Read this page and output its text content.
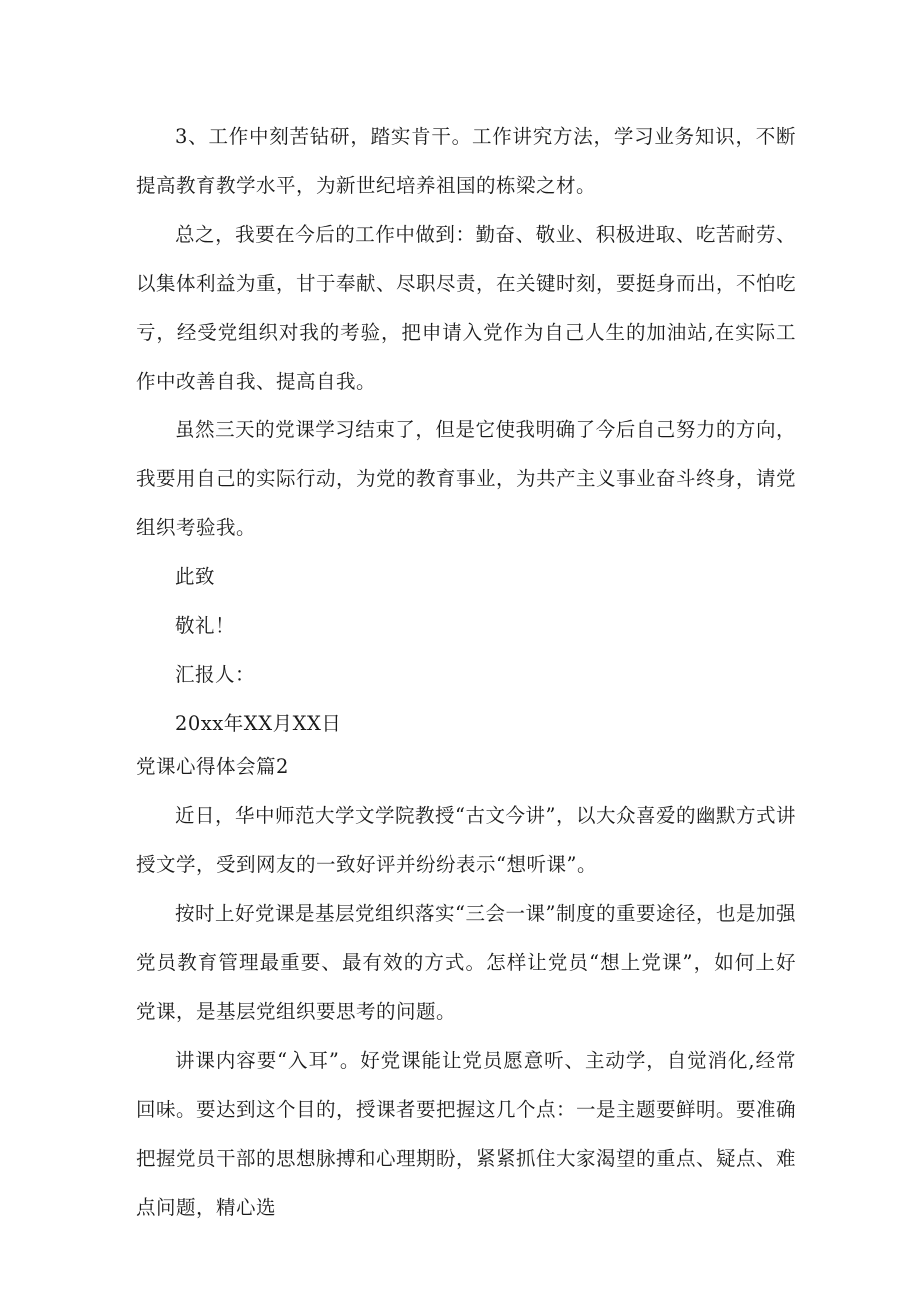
3、工作中刻苦钻研，踏实肯干。工作讲究方法，学习业务知识，不断提高教育教学水平，为新世纪培养祖国的栋梁之材。

总之，我要在今后的工作中做到：勤奋、敬业、积极进取、吃苦耐劳、以集体利益为重，甘于奉献、尽职尽责，在关键时刻，要挺身而出，不怕吃亏，经受党组织对我的考验，把申请入党作为自己人生的加油站,在实际工作中改善自我、提高自我。

虽然三天的党课学习结束了，但是它使我明确了今后自己努力的方向，我要用自己的实际行动，为党的教育事业，为共产主义事业奋斗终身，请党组织考验我。

此致

敬礼！

汇报人：

20xx年XX月XX日

党课心得体会篇2

近日，华中师范大学文学院教授“古文今讲”，以大众喜爱的幽默方式讲授文学，受到网友的一致好评并纷纷表示“想听课”。

按时上好党课是基层党组织落实“三会一课”制度的重要途径，也是加强党员教育管理最重要、最有效的方式。怎样让党员“想上党课”，如何上好党课，是基层党组织要思考的问题。

讲课内容要“入耳”。好党课能让党员愿意听、主动学，自觉消化,经常回味。要达到这个目的，授课者要把握这几个点：一是主题要鲜明。要准确把握党员干部的思想脉搏和心理期盼，紧紧抓住大家渴望的重点、疑点、难点问题，精心选
